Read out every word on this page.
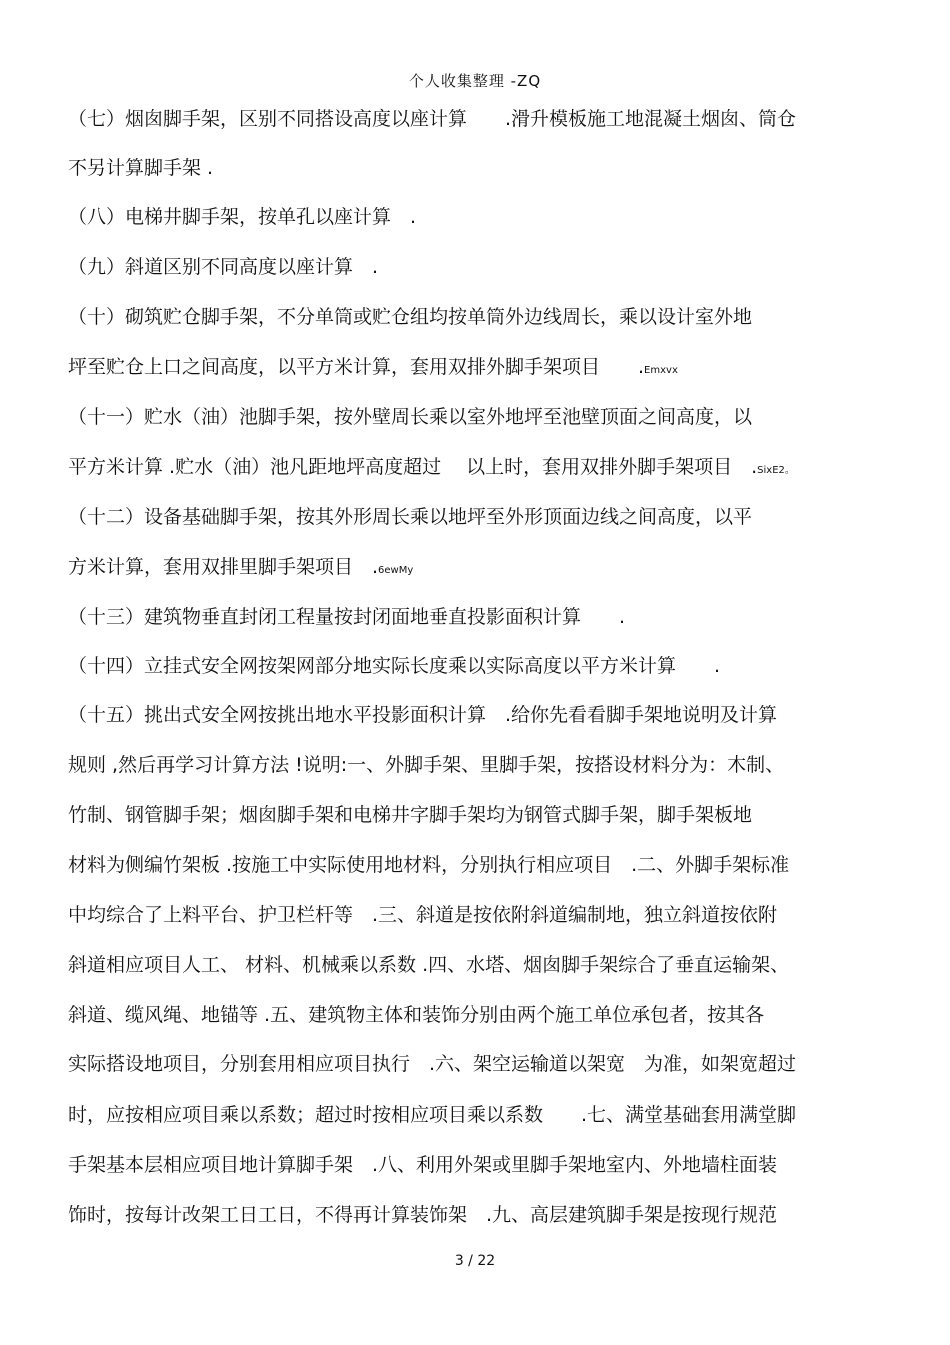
个人收集整理 -ZQ
（七）烟囱脚手架，区别不同搭设高度以座计算　　.滑升模板施工地混凝土烟囱、筒仓
不另计算脚手架 .
（八）电梯井脚手架，按单孔以座计算　.
（九）斜道区别不同高度以座计算　.
（十）砌筑贮仓脚手架，不分单筒或贮仓组均按单筒外边线周长，乘以设计室外地
坪至贮仓上口之间高度，以平方米计算，套用双排外脚手架项目　　.Emxvx
（十一）贮水（油）池脚手架，按外壁周长乘以室外地坪至池壁顶面之间高度，以
平方米计算 .贮水（油）池凡距地坪高度超过　 以上时，套用双排外脚手架项目　.SixE2。
（十二）设备基础脚手架，按其外形周长乘以地坪至外形顶面边线之间高度，以平
方米计算，套用双排里脚手架项目　.6ewMy
（十三）建筑物垂直封闭工程量按封闭面地垂直投影面积计算　　.
（十四）立挂式安全网按架网部分地实际长度乘以实际高度以平方米计算　　.
（十五）挑出式安全网按挑出地水平投影面积计算　.给你先看看脚手架地说明及计算
规则 ,然后再学习计算方法 !说明:一、外脚手架、里脚手架，按搭设材料分为：木制、
竹制、钢管脚手架；烟囱脚手架和电梯井字脚手架均为钢管式脚手架，脚手架板地
材料为侧编竹架板 .按施工中实际使用地材料，分别执行相应项目　.二、外脚手架标准
中均综合了上料平台、护卫栏杆等　.三、斜道是按依附斜道编制地，独立斜道按依附
斜道相应项目人工、 材料、机械乘以系数 .四、水塔、烟囱脚手架综合了垂直运输架、
斜道、缆风绳、地锚等 .五、建筑物主体和装饰分别由两个施工单位承包者，按其各
实际搭设地项目，分别套用相应项目执行　.六、架空运输道以架宽　为准，如架宽超过
时，应按相应项目乘以系数；超过时按相应项目乘以系数　　.七、满堂基础套用满堂脚
手架基本层相应项目地计算脚手架　.八、利用外架或里脚手架地室内、外地墙柱面装
饰时，按每计改架工日工日，不得再计算装饰架　.九、高层建筑脚手架是按现行规范
3 / 22
